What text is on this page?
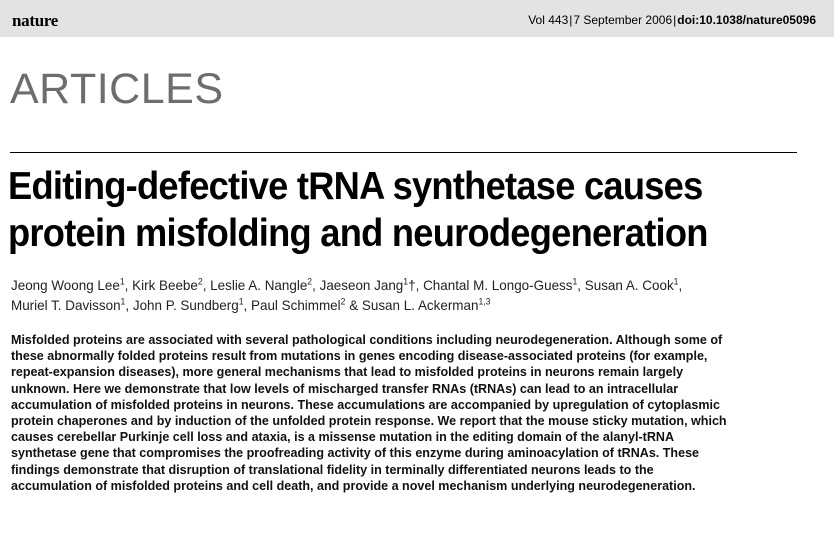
nature	Vol 443|7 September 2006|doi:10.1038/nature05096
ARTICLES
Editing-defective tRNA synthetase causes
protein misfolding and neurodegeneration
Jeong Woong Lee$^1$, Kirk Beebe$^2$, Leslie A. Nangle$^2$, Jaeseon Jang$^1$†, Chantal M. Longo-Guess$^1$, Susan A. Cook$^1$,
Muriel T. Davisson$^1$, John P. Sundberg$^1$, Paul Schimmel$^2$ & Susan L. Ackerman$^{1,3}$

Misfolded proteins are associated with several pathological conditions including neurodegeneration. Although some of
these abnormally folded proteins result from mutations in genes encoding disease-associated proteins (for example,
repeat-expansion diseases), more general mechanisms that lead to misfolded proteins in neurons remain largely
unknown. Here we demonstrate that low levels of mischarged transfer RNAs (tRNAs) can lead to an intracellular
accumulation of misfolded proteins in neurons. These accumulations are accompanied by upregulation of cytoplasmic
protein chaperones and by induction of the unfolded protein response. We report that the mouse sticky mutation, which
causes cerebellar Purkinje cell loss and ataxia, is a missense mutation in the editing domain of the alanyl-tRNA
synthetase gene that compromises the proofreading activity of this enzyme during aminoacylation of tRNAs. These
findings demonstrate that disruption of translational fidelity in terminally differentiated neurons leads to the
accumulation of misfolded proteins and cell death, and provide a novel mechanism underlying neurodegeneration.
